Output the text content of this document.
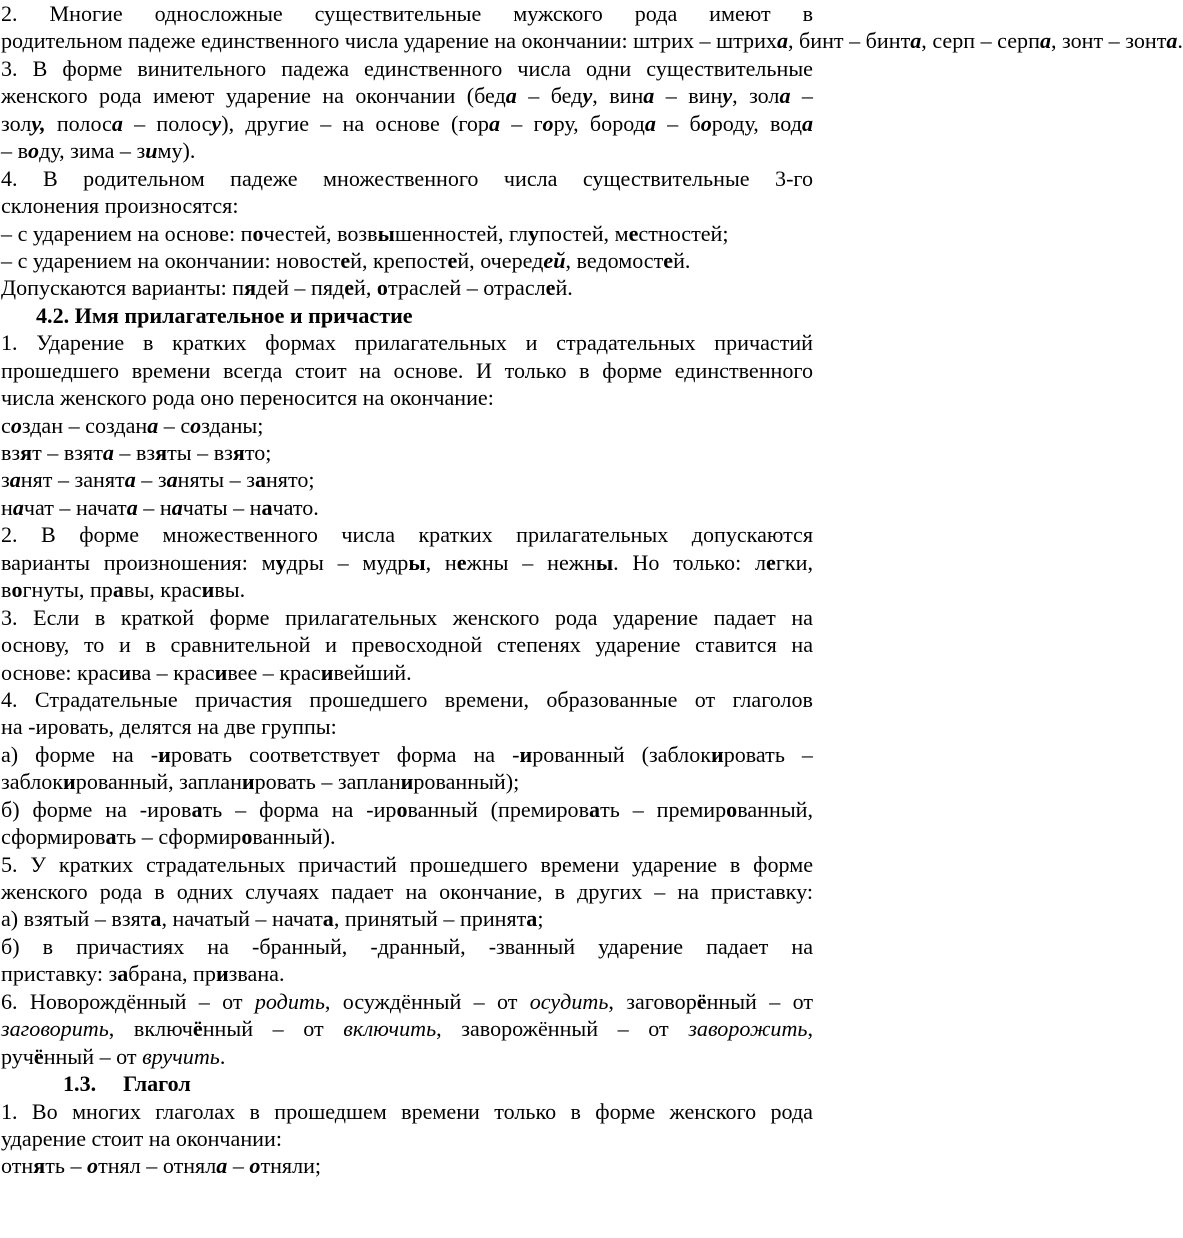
2. Многие односложные существительные мужского рода имеют в
родительном падеже единственного числа ударение на окончании: штрих – штриха, бинт – бинта, серп – серпа, зонт – зонта.
3. В форме винительного падежа единственного числа одни существительные
женского рода имеют ударение на окончании (беда – беду, вина – вину, зола –
золу, полоса – полосу), другие – на основе (гора – гору, борода – бороду, вода
– воду, зима – зиму).
4. В родительном падеже множественного числа существительные 3-го
склонения произносятся:
– с ударением на основе: почестей, возвышенностей, глупостей, местностей;
– с ударением на окончании: новостей, крепостей, очередей, ведомостей.
Допускаются варианты: пядей – пядей, отраслей – отраслей.
4.2. Имя прилагательное и причастие
1. Ударение в кратких формах прилагательных и страдательных причастий
прошедшего времени всегда стоит на основе. И только в форме единственного
числа женского рода оно переносится на окончание:
создан – создана – созданы;
взят – взята – взяты – взято;
занят – занята – заняты – занято;
начат – начата – начаты – начато.
2. В форме множественного числа кратких прилагательных допускаются
варианты произношения: мудры – мудры, нежны – нежны. Но только: легки,
вогнуты, правы, красивы.
3. Если в краткой форме прилагательных женского рода ударение падает на
основу, то и в сравнительной и превосходной степенях ударение ставится на
основе: красива – красивее – красивейший.
4. Страдательные причастия прошедшего времени, образованные от глаголов
на -ировать, делятся на две группы:
а) форме на -ировать соответствует форма на -ированный (заблокировать –
заблокированный, запланировать – запланированный);
б) форме на -ировать – форма на -ированный (премировать – премированный,
сформировать – сформированный).
5. У кратких страдательных причастий прошедшего времени ударение в форме
женского рода в одних случаях падает на окончание, в других – на приставку:
а) взятый – взята, начатый – начата, принятый – принята;
б) в причастиях на -бранный, -дранный, -званный ударение падает на
приставку: забрана, призвана.
6. Новорождённый – от родить, осуждённый – от осудить, заговорённый – от
заговорить, включённый – от включить, заворожённый – от заворожить,
ручённый – от вручить.
1.3. Глагол
1. Во многих глаголах в прошедшем времени только в форме женского рода
ударение стоит на окончании:
отнять – отнял – отняла – отняли;
